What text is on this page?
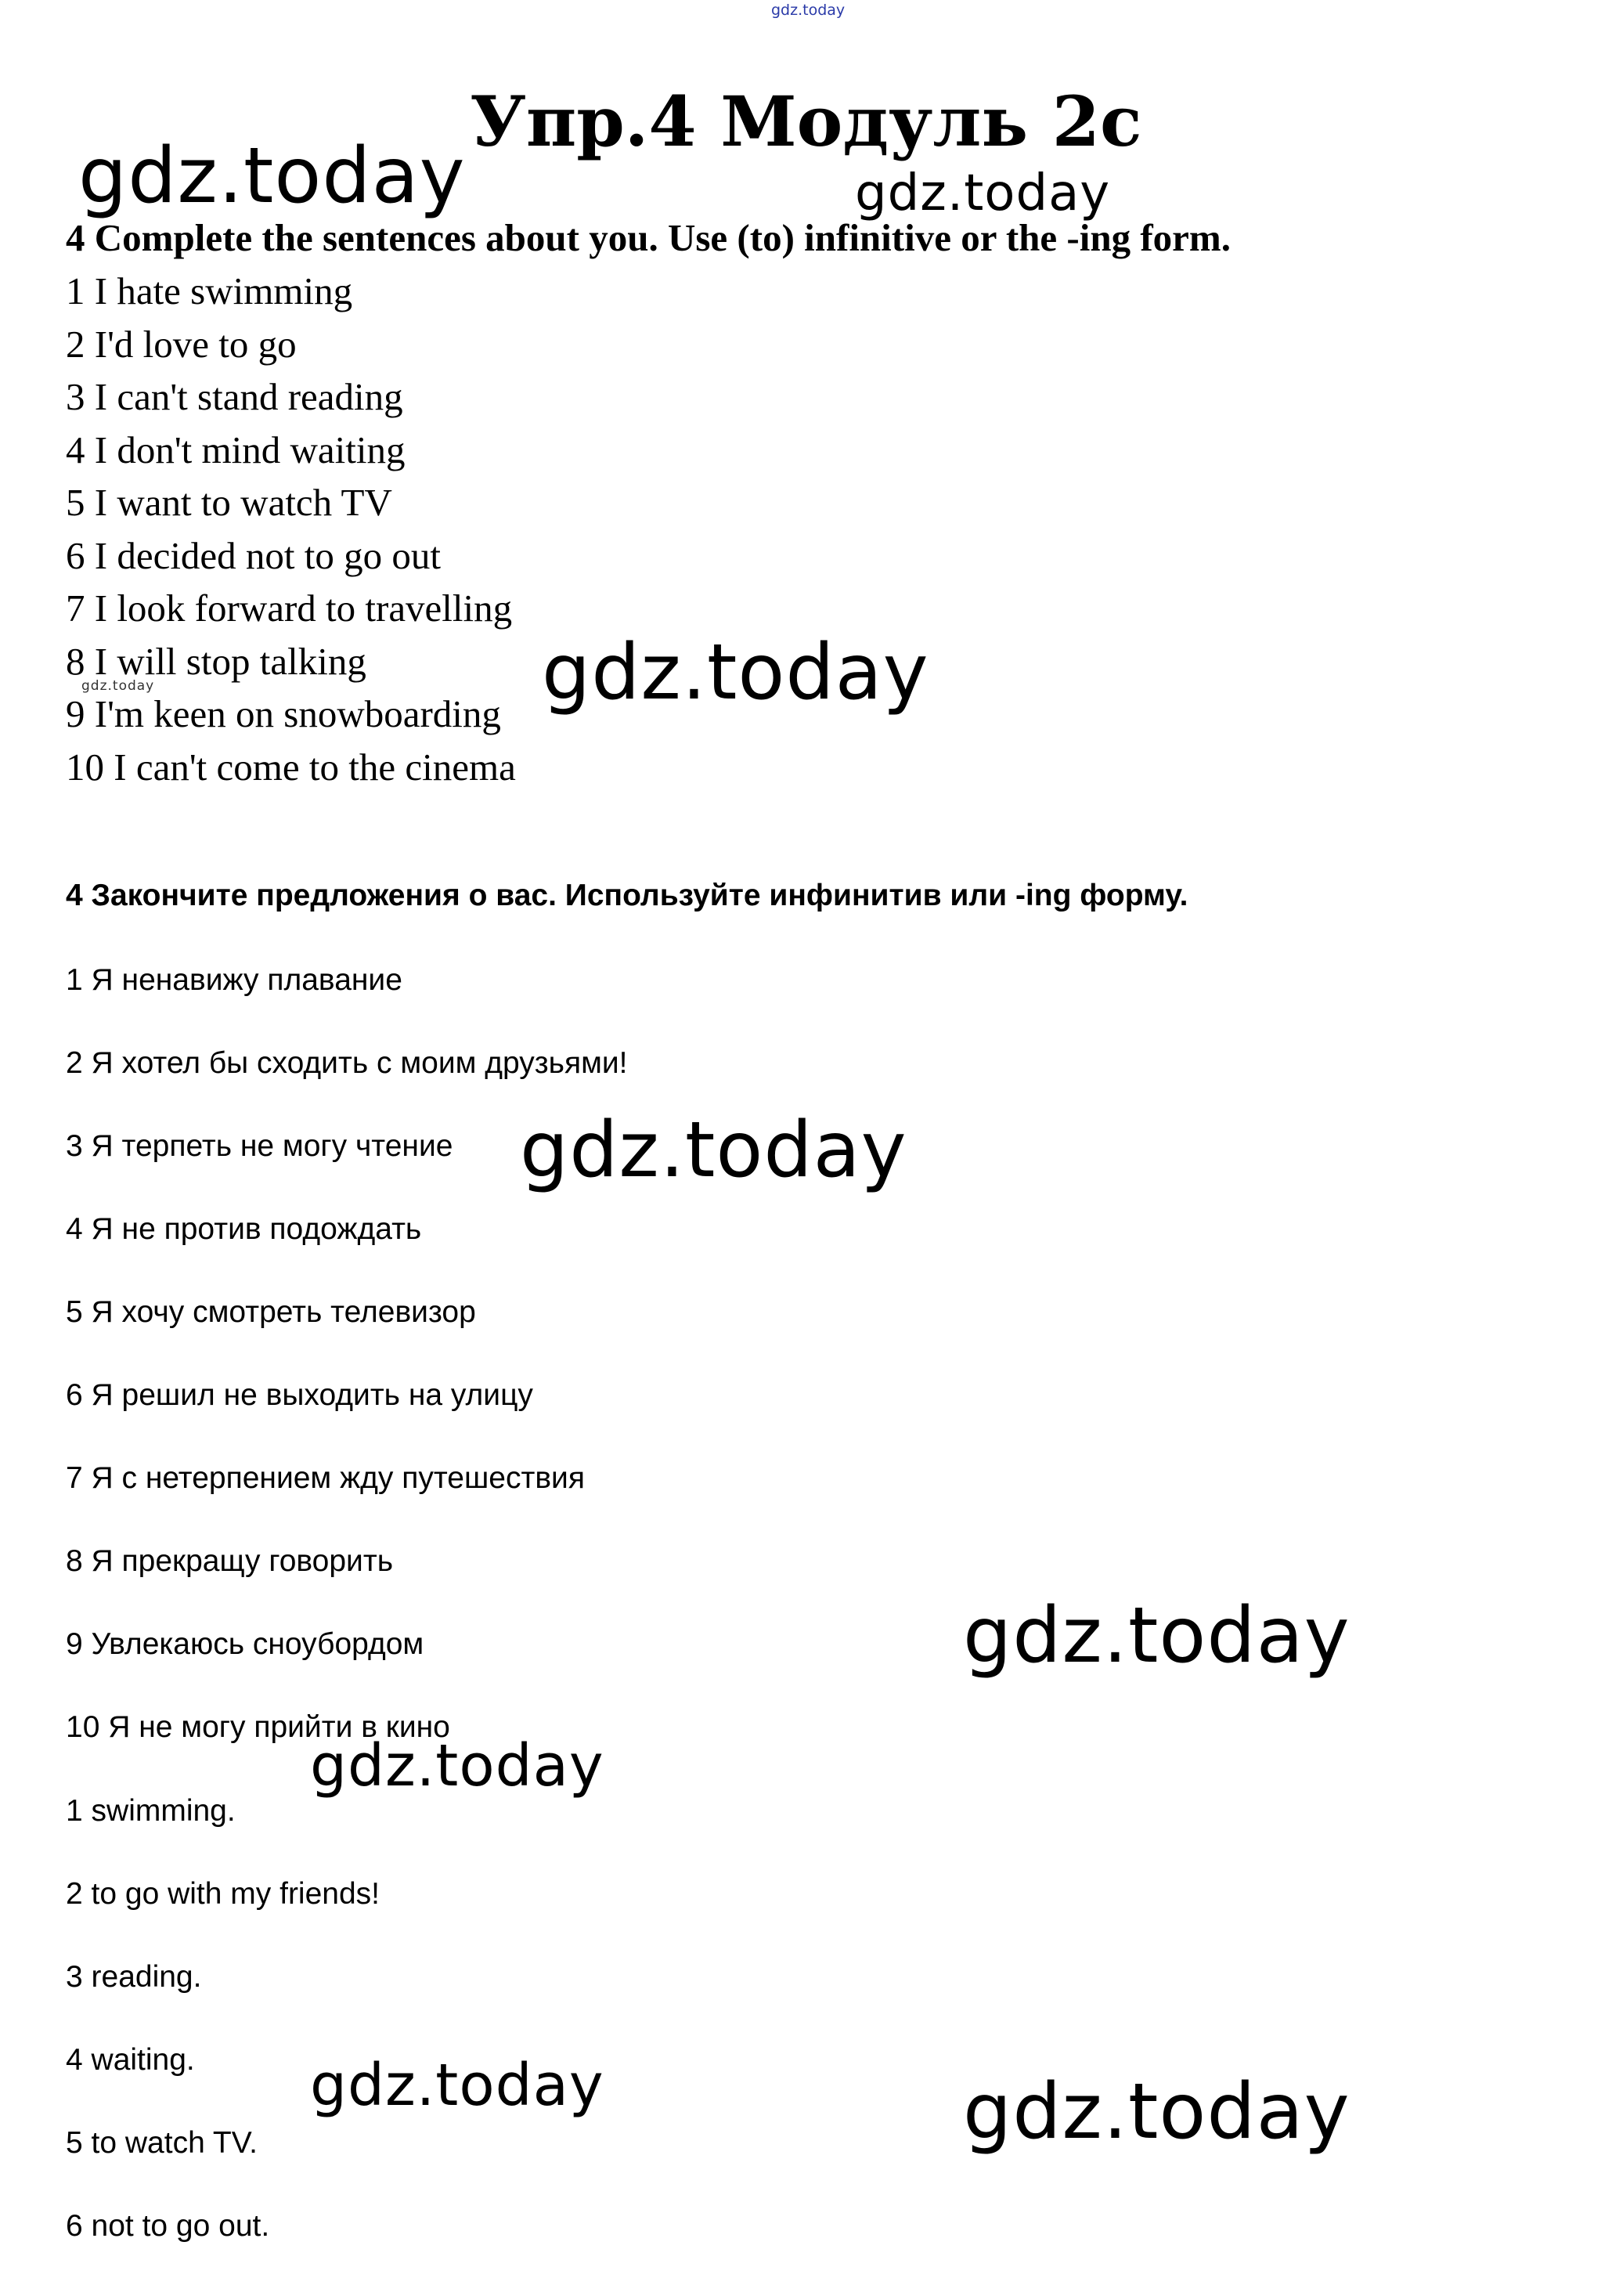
gdz.today
Упр.4 Модуль 2с
4 Complete the sentences about you. Use (to) infinitive or the -ing form.
1 I hate swimming
2 I'd love to go
3 I can't stand reading
4 I don't mind waiting
5 I want to watch TV
6 I decided not to go out
7 I look forward to travelling
8 I will stop talking
9 I'm keen on snowboarding
10 I can't come to the cinema
4 Закончите предложения о вас. Используйте инфинитив или -ing форму.
1 Я ненавижу плавание
2 Я хотел бы сходить с моим друзьями!
3 Я терпеть не могу чтение
4 Я не против подождать
5 Я хочу смотреть телевизор
6 Я решил не выходить на улицу
7 Я с нетерпением жду путешествия
8 Я прекращу говорить
9 Увлекаюсь сноубордом
10 Я не могу прийти в кино
1 swimming.
2 to go with my friends!
3 reading.
4 waiting.
5 to watch TV.
6 not to go out.
gdz.today	gdz.today
gdz.today
gdz.today
gdz.today
gdz.today
gdz.today
gdz.today	gdz.today
